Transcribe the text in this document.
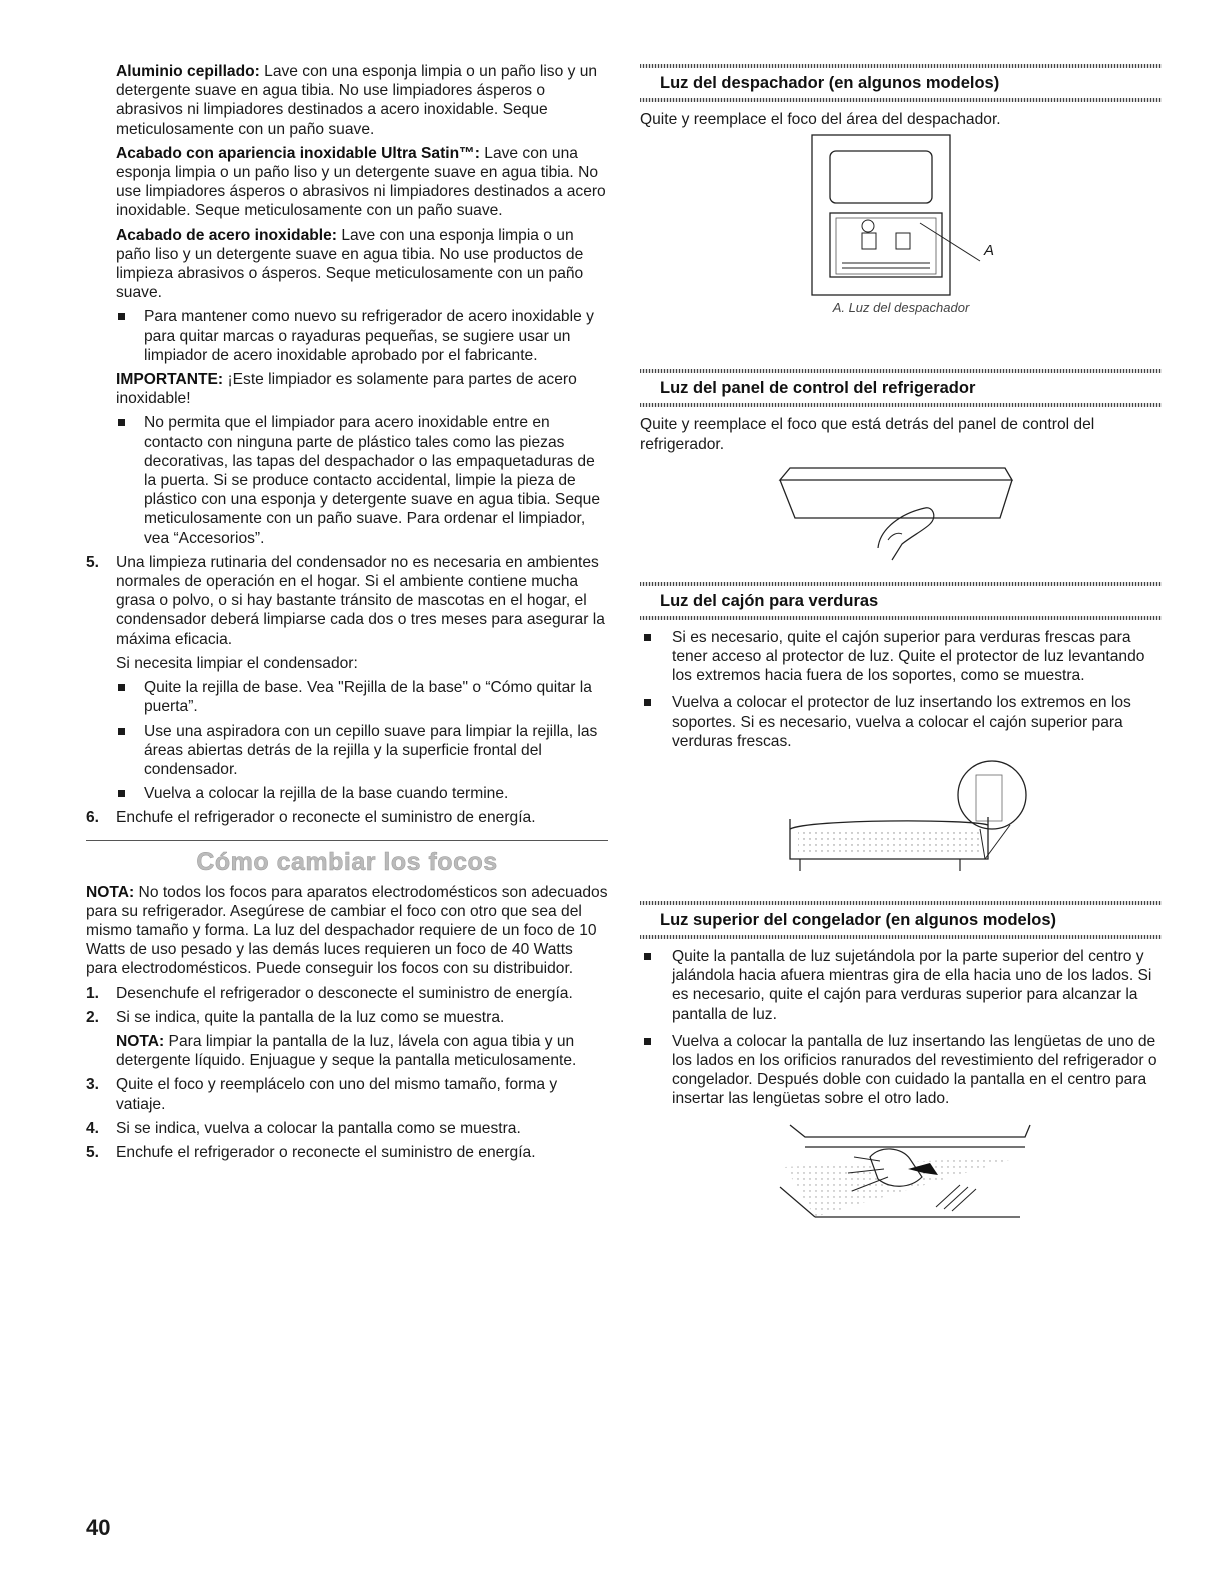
Aluminio cepillado: Lave con una esponja limpia o un paño liso y un detergente suave en agua tibia. No use limpiadores ásperos o abrasivos ni limpiadores destinados a acero inoxidable. Seque meticulosamente con un paño suave.
Acabado con apariencia inoxidable Ultra Satin™: Lave con una esponja limpia o un paño liso y un detergente suave en agua tibia. No use limpiadores ásperos o abrasivos ni limpiadores destinados a acero inoxidable. Seque meticulosamente con un paño suave.
Acabado de acero inoxidable: Lave con una esponja limpia o un paño liso y un detergente suave en agua tibia. No use productos de limpieza abrasivos o ásperos. Seque meticulosamente con un paño suave.
Para mantener como nuevo su refrigerador de acero inoxidable y para quitar marcas o rayaduras pequeñas, se sugiere usar un limpiador de acero inoxidable aprobado por el fabricante.
IMPORTANTE: ¡Este limpiador es solamente para partes de acero inoxidable!
No permita que el limpiador para acero inoxidable entre en contacto con ninguna parte de plástico tales como las piezas decorativas, las tapas del despachador o las empaquetaduras de la puerta. Si se produce contacto accidental, limpie la pieza de plástico con una esponja y detergente suave en agua tibia. Seque meticulosamente con un paño suave. Para ordenar el limpiador, vea “Accesorios”.
5. Una limpieza rutinaria del condensador no es necesaria en ambientes normales de operación en el hogar. Si el ambiente contiene mucha grasa o polvo, o si hay bastante tránsito de mascotas en el hogar, el condensador deberá limpiarse cada dos o tres meses para asegurar la máxima eficacia.
Si necesita limpiar el condensador:
Quite la rejilla de base. Vea "Rejilla de la base" o “Cómo quitar la puerta”.
Use una aspiradora con un cepillo suave para limpiar la rejilla, las áreas abiertas detrás de la rejilla y la superficie frontal del condensador.
Vuelva a colocar la rejilla de la base cuando termine.
6. Enchufe el refrigerador o reconecte el suministro de energía.
Cómo cambiar los focos
NOTA: No todos los focos para aparatos electrodomésticos son adecuados para su refrigerador. Asegúrese de cambiar el foco con otro que sea del mismo tamaño y forma. La luz del despachador requiere de un foco de 10 Watts de uso pesado y las demás luces requieren un foco de 40 Watts para electrodomésticos. Puede conseguir los focos con su distribuidor.
1. Desenchufe el refrigerador o desconecte el suministro de energía.
2. Si se indica, quite la pantalla de la luz como se muestra.
NOTA: Para limpiar la pantalla de la luz, lávela con agua tibia y un detergente líquido. Enjuague y seque la pantalla meticulosamente.
3. Quite el foco y reemplácelo con uno del mismo tamaño, forma y vatiaje.
4. Si se indica, vuelva a colocar la pantalla como se muestra.
5. Enchufe el refrigerador o reconecte el suministro de energía.
Luz del despachador (en algunos modelos)

Quite y reemplace el foco del área del despachador.

A

A. Luz del despachador

Luz del panel de control del refrigerador

Quite y reemplace el foco que está detrás del panel de control del refrigerador.

Luz del cajón para verduras
Si es necesario, quite el cajón superior para verduras frescas para tener acceso al protector de luz. Quite el protector de luz levantando los extremos hacia fuera de los soportes, como se muestra.
Vuelva a colocar el protector de luz insertando los extremos en los soportes. Si es necesario, vuelva a colocar el cajón superior para verduras frescas.
Luz superior del congelador (en algunos modelos)
Quite la pantalla de luz sujetándola por la parte superior del centro y jalándola hacia afuera mientras gira de ella hacia uno de los lados. Si es necesario, quite el cajón para verduras superior para alcanzar la pantalla de luz.
Vuelva a colocar la pantalla de luz insertando las lengüetas de uno de los lados en los orificios ranurados del revestimiento del refrigerador o congelador. Después doble con cuidado la pantalla en el centro para insertar las lengüetas sobre el otro lado.
40
